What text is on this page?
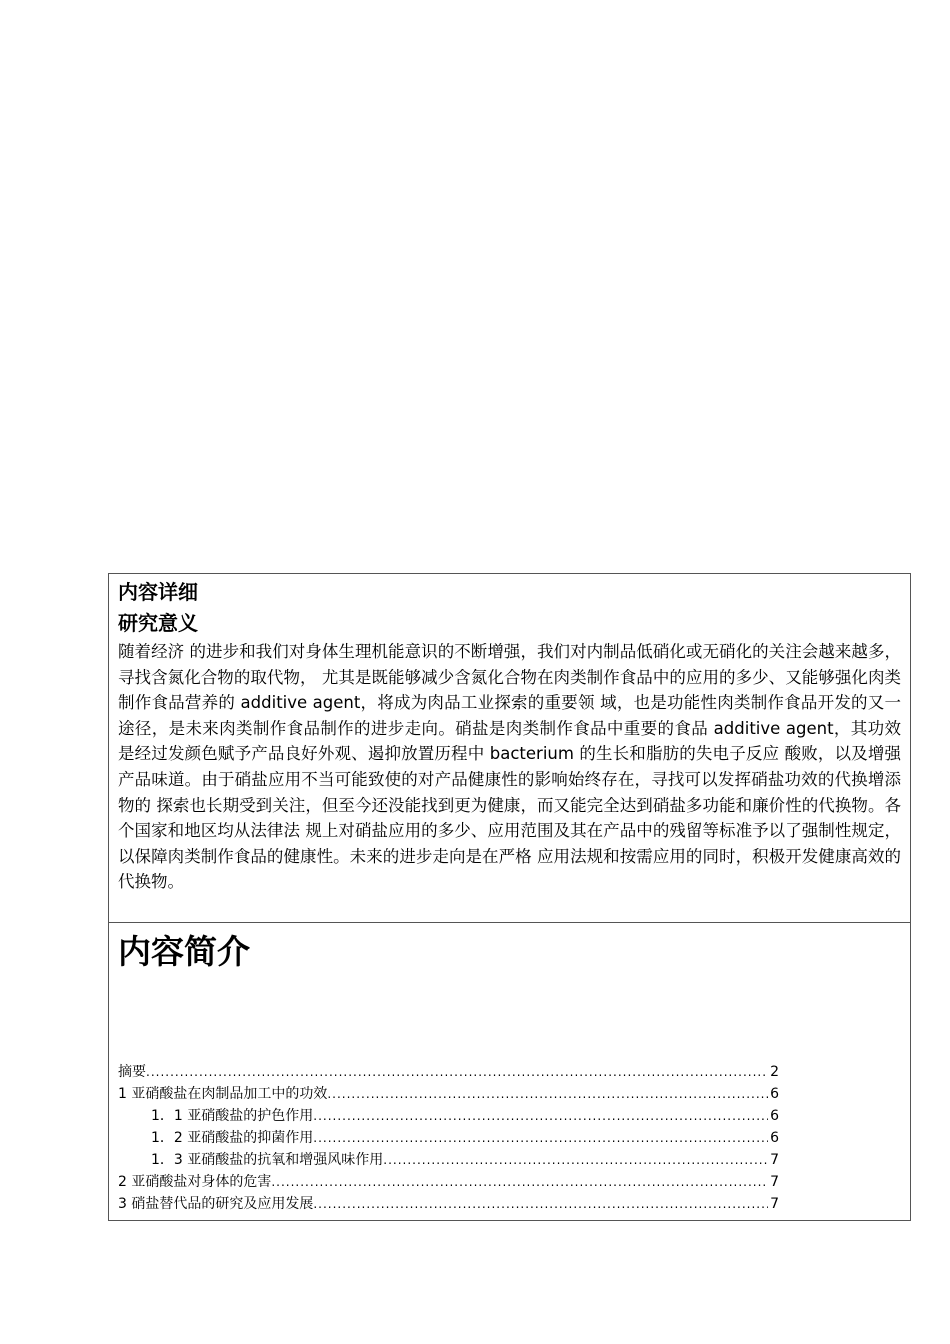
内容详细
研究意义

随着经济 的进步和我们对身体生理机能意识的不断增强，我们对内制品低硝化或无硝化的关注会越来越多，寻找含氮化合物的取代物， 尤其是既能够减少含氮化合物在肉类制作食品中的应用的多少、又能够强化肉类制作食品营养的 additive agent，将成为肉品工业探索的重要领 域，也是功能性肉类制作食品开发的又一途径，是未来肉类制作食品制作的进步走向。硝盐是肉类制作食品中重要的食品 additive agent，其功效是经过发颜色赋予产品良好外观、遏抑放置历程中 bacterium 的生长和脂肪的失电子反应 酸败，以及增强产品味道。由于硝盐应用不当可能致使的对产品健康性的影响始终存在，寻找可以发挥硝盐功效的代换增添物的 探索也长期受到关注，但至今还没能找到更为健康，而又能完全达到硝盐多功能和廉价性的代换物。各个国家和地区均从法律法 规上对硝盐应用的多少、应用范围及其在产品中的残留等标准予以了强制性规定，以保障肉类制作食品的健康性。未来的进步走向是在严格 应用法规和按需应用的同时，积极开发健康高效的代换物。

内容简介
摘要 .....	2
1 亚硝酸盐在肉制品加工中的功效 .....	6
1．1 亚硝酸盐的护色作用 .....	6
1．2 亚硝酸盐的抑菌作用 .....	6
1．3 亚硝酸盐的抗氧和增强风味作用 .....	7
2 亚硝酸盐对身体的危害 .....	7
3 硝盐替代品的研究及应用发展 .....	7
